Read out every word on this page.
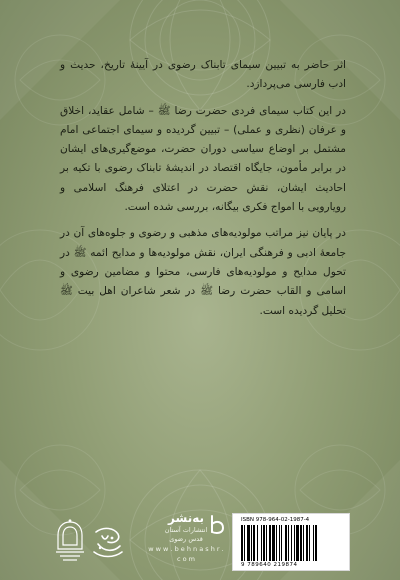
اثر حاضر به تبیین سیمای تابناک رضوی در آیینهٔ تاریخ، حدیث و ادب فارسی می‌پردازد.

در این کتاب سیمای فردی حضرت رضا ﷺ – شامل عقاید، اخلاق و عرفان (نظری و عملی) – تبیین گردیده و سیمای اجتماعی امام مشتمل بر اوضاع سیاسی دوران حضرت، موضع‌گیری‌های ایشان در برابر مأمون، جایگاه اقتصاد در اندیشهٔ تابناک رضوی با تکیه بر احادیث ایشان، نقش حضرت در اعتلای فرهنگ اسلامی و رویارویی با امواج فکری بیگانه، بررسی شده است.

در پایان نیز مراتب مولودیه‌های مذهبی و رضوی و جلوه‌های آن در جامعهٔ ادبی و فرهنگی ایران، نقش مولودیه‌ها و مدایح ائمه ﷺ در تحول مدایح و مولودیه‌های فارسی، محتوا و مضامین رضوی و اسامی و القاب حضرت رضا ﷺ در شعر شاعران اهل بیت ﷺ تحلیل گردیده است.

به‌نشر
انتشارات آستان
قدس رضوی
w w w . b e h n a s h r . c o m
ISBN 978-964-02-1987-4
9 789640 219874
